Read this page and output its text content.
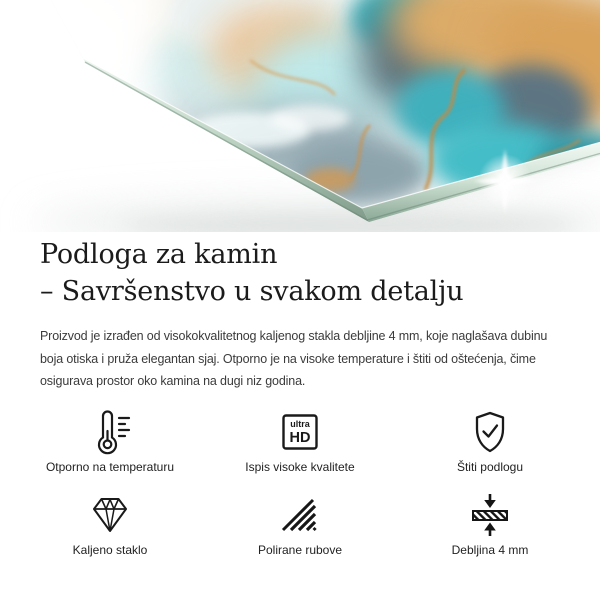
Podloga za kamin
– Savršenstvo u svakom detalju
Proizvod je izrađen od visokokvalitetnog kaljenog stakla debljine 4 mm, koje naglašava dubinu
boja otiska i pruža elegantan sjaj. Otporno je na visoke temperature i štiti od oštećenja, čime
osigurava prostor oko kamina na dugi niz godina.
Otporno na temperaturu
ultra
HD
Ispis visoke kvalitete	Štiti podlogu
Kaljeno staklo	Polirane rubove	Debljina 4 mm
